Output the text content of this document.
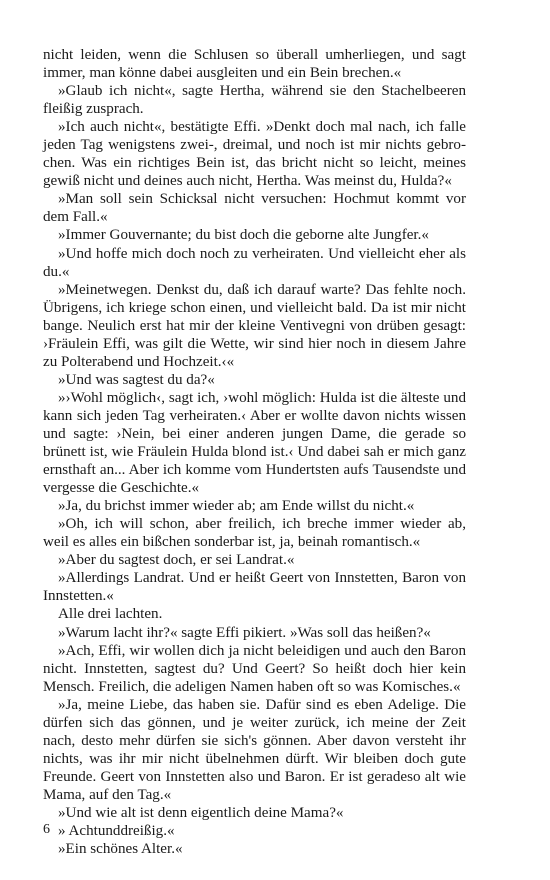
nicht leiden, wenn die Schlusen so überall umherliegen, und sagt immer, man könne dabei ausgleiten und ein Bein brechen.«

»Glaub ich nicht«, sagte Hertha, während sie den Stachelbeeren fleißig zusprach.

»Ich auch nicht«, bestätigte Effi. »Denkt doch mal nach, ich falle jeden Tag wenigstens zwei-, dreimal, und noch ist mir nichts gebrochen. Was ein richtiges Bein ist, das bricht nicht so leicht, meines gewiß nicht und deines auch nicht, Hertha. Was meinst du, Hulda?«

»Man soll sein Schicksal nicht versuchen: Hochmut kommt vor dem Fall.«

»Immer Gouvernante; du bist doch die geborne alte Jungfer.«

»Und hoffe mich doch noch zu verheiraten. Und vielleicht eher als du.«

»Meinetwegen. Denkst du, daß ich darauf warte? Das fehlte noch. Übrigens, ich kriege schon einen, und vielleicht bald. Da ist mir nicht bange. Neulich erst hat mir der kleine Ventivegni von drüben gesagt: ›Fräulein Effi, was gilt die Wette, wir sind hier noch in diesem Jahre zu Polterabend und Hochzeit.‹«

»Und was sagtest du da?«

»›Wohl möglich‹, sagt ich, ›wohl möglich: Hulda ist die älteste und kann sich jeden Tag verheiraten.‹ Aber er wollte davon nichts wissen und sagte: ›Nein, bei einer anderen jungen Dame, die gerade so brünett ist, wie Fräulein Hulda blond ist.‹ Und dabei sah er mich ganz ernsthaft an... Aber ich komme vom Hundertsten aufs Tausendste und vergesse die Geschichte.«

»Ja, du brichst immer wieder ab; am Ende willst du nicht.«

»Oh, ich will schon, aber freilich, ich breche immer wieder ab, weil es alles ein bißchen sonderbar ist, ja, beinah romantisch.«

»Aber du sagtest doch, er sei Landrat.«

»Allerdings Landrat. Und er heißt Geert von Innstetten, Baron von Innstetten.«

Alle drei lachten.

»Warum lacht ihr?« sagte Effi pikiert. »Was soll das heißen?«

»Ach, Effi, wir wollen dich ja nicht beleidigen und auch den Baron nicht. Innstetten, sagtest du? Und Geert? So heißt doch hier kein Mensch. Freilich, die adeligen Namen haben oft so was Komisches.«

»Ja, meine Liebe, das haben sie. Dafür sind es eben Adelige. Die dürfen sich das gönnen, und je weiter zurück, ich meine der Zeit nach, desto mehr dürfen sie sich's gönnen. Aber davon versteht ihr nichts, was ihr mir nicht übelnehmen dürft. Wir bleiben doch gute Freunde. Geert von Innstetten also und Baron. Er ist geradeso alt wie Mama, auf den Tag.«

»Und wie alt ist denn eigentlich deine Mama?«

» Achtunddreißig.«

»Ein schönes Alter.«

6
